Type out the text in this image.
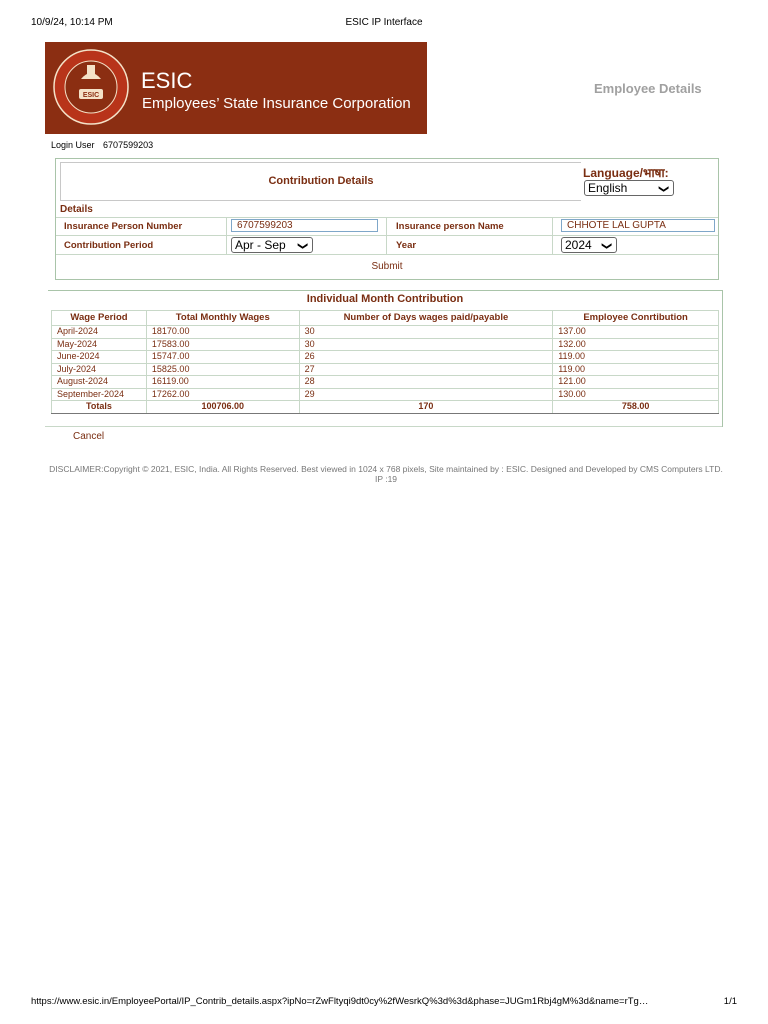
10/9/24, 10:14 PM	ESIC IP Interface
ESIC
ESIC
Employees’ State Insurance Corporation
Employee Details
Login User 6707599203
Contribution Details
Language/भाषा:
English	❯
Details
Insurance Person Number	6707599203	Insurance person Name	CHHOTE LAL GUPTA
Contribution Period	Apr - Sep ❯	Year	2024 ❯
Submit
Individual Month Contribution
Wage Period	Total Monthly Wages	Number of Days wages paid/payable	Employee Conrtibution
April-2024	18170.00	30	137.00
May-2024	17583.00	30	132.00
June-2024	15747.00	26	119.00
July-2024	15825.00	27	119.00
August-2024	16119.00	28	121.00
September-2024	17262.00	29	130.00
Totals	100706.00	170	758.00
Cancel
DISCLAIMER:Copyright © 2021, ESIC, India. All Rights Reserved. Best viewed in 1024 x 768 pixels, Site maintained by : ESIC. Designed and Developed by CMS Computers LTD. IP :19
https://www.esic.in/EmployeePortal/IP_Contrib_details.aspx?ipNo=rZwFltyqi9dt0cy%2fWesrkQ%3d%3d&phase=JUGm1Rbj4gM%3d&name=rTg…	1/1
